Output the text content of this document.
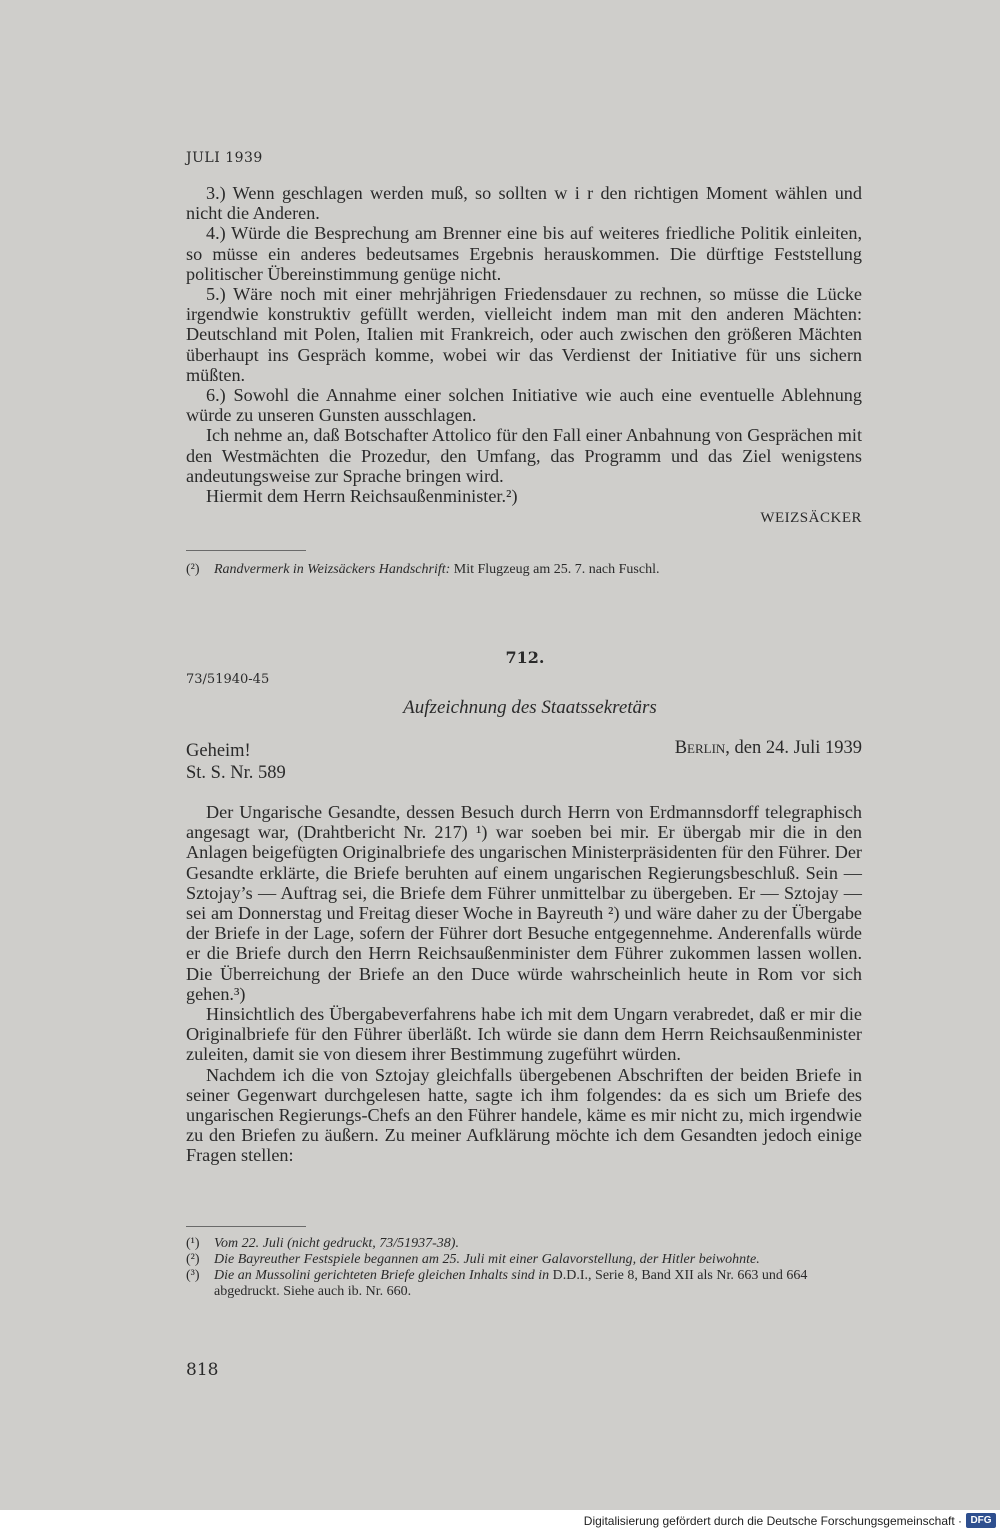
JULI 1939

3.) Wenn geschlagen werden muß, so sollten w i r den richtigen Moment wählen und nicht die Anderen.

4.) Würde die Besprechung am Brenner eine bis auf weiteres friedliche Politik einleiten, so müsse ein anderes bedeutsames Ergebnis herauskommen. Die dürftige Feststellung politischer Übereinstimmung genüge nicht.

5.) Wäre noch mit einer mehrjährigen Friedensdauer zu rechnen, so müsse die Lücke irgendwie konstruktiv gefüllt werden, vielleicht indem man mit den anderen Mächten: Deutschland mit Polen, Italien mit Frankreich, oder auch zwischen den größeren Mächten überhaupt ins Gespräch komme, wobei wir das Verdienst der Initiative für uns sichern müßten.

6.) Sowohl die Annahme einer solchen Initiative wie auch eine eventuelle Ablehnung würde zu unseren Gunsten ausschlagen.

Ich nehme an, daß Botschafter Attolico für den Fall einer Anbahnung von Gesprächen mit den Westmächten die Prozedur, den Umfang, das Programm und das Ziel wenigstens andeutungsweise zur Sprache bringen wird.

Hiermit dem Herrn Reichsaußenminister.²)

WEIZSÄCKER
(²)	Randvermerk in Weizsäckers Handschrift: Mit Flugzeug am 25. 7. nach Fuschl.
712.
73/51940-45
Aufzeichnung des Staatssekretärs
Geheim!
St. S. Nr. 589
Berlin, den 24. Juli 1939

Der Ungarische Gesandte, dessen Besuch durch Herrn von Erdmannsdorff telegraphisch angesagt war, (Drahtbericht Nr. 217) ¹) war soeben bei mir. Er übergab mir die in den Anlagen beigefügten Originalbriefe des ungarischen Ministerpräsidenten für den Führer. Der Gesandte erklärte, die Briefe beruhten auf einem ungarischen Regierungsbeschluß. Sein — Sztojay’s — Auftrag sei, die Briefe dem Führer unmittelbar zu übergeben. Er — Sztojay — sei am Donnerstag und Freitag dieser Woche in Bayreuth ²) und wäre daher zu der Übergabe der Briefe in der Lage, sofern der Führer dort Besuche entgegennehme. Anderenfalls würde er die Briefe durch den Herrn Reichsaußenminister dem Führer zukommen lassen wollen. Die Überreichung der Briefe an den Duce würde wahrscheinlich heute in Rom vor sich gehen.³)

Hinsichtlich des Übergabeverfahrens habe ich mit dem Ungarn verabredet, daß er mir die Originalbriefe für den Führer überläßt. Ich würde sie dann dem Herrn Reichsaußenminister zuleiten, damit sie von diesem ihrer Bestimmung zugeführt würden.

Nachdem ich die von Sztojay gleichfalls übergebenen Abschriften der beiden Briefe in seiner Gegenwart durchgelesen hatte, sagte ich ihm folgendes: da es sich um Briefe des ungarischen Regierungs-Chefs an den Führer handele, käme es mir nicht zu, mich irgendwie zu den Briefen zu äußern. Zu meiner Aufklärung möchte ich dem Gesandten jedoch einige Fragen stellen:

(¹)	Vom 22. Juli (nicht gedruckt, 73/51937-38).
(²)	Die Bayreuther Festspiele begannen am 25. Juli mit einer Galavorstellung, der Hitler beiwohnte.
(³)	Die an Mussolini gerichteten Briefe gleichen Inhalts sind in D.D.I., Serie 8, Band XII als Nr. 663 und 664 abgedruckt. Siehe auch ib. Nr. 660.
818
Digitalisierung gefördert durch die Deutsche Forschungsgemeinschaft · DFG
